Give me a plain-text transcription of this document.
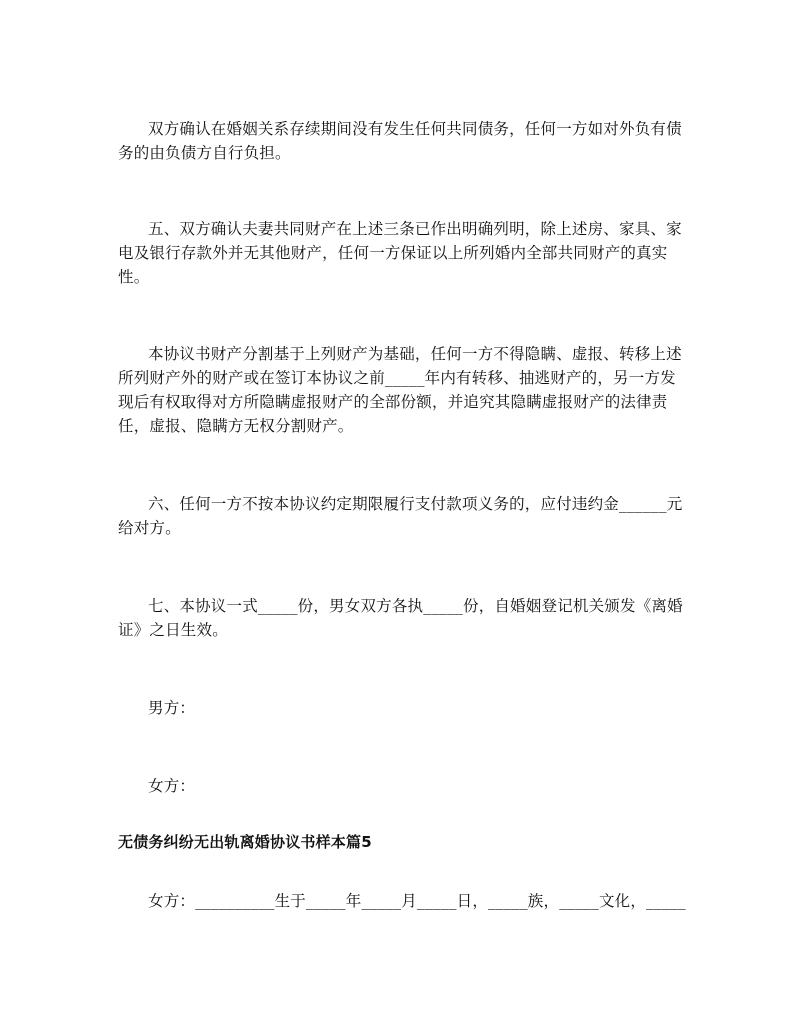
双方确认在婚姻关系存续期间没有发生任何共同债务，任何一方如对外负有债
务的由负债方自行负担。
五、双方确认夫妻共同财产在上述三条已作出明确列明，除上述房、家具、家
电及银行存款外并无其他财产，任何一方保证以上所列婚内全部共同财产的真实
性。
本协议书财产分割基于上列财产为基础，任何一方不得隐瞒、虚报、转移上述
所列财产外的财产或在签订本协议之前_____年内有转移、抽逃财产的，另一方发
现后有权取得对方所隐瞒虚报财产的全部份额，并追究其隐瞒虚报财产的法律责
任，虚报、隐瞒方无权分割财产。
六、任何一方不按本协议约定期限履行支付款项义务的，应付违约金______元
给对方。
七、本协议一式_____份，男女双方各执_____份，自婚姻登记机关颁发《离婚
证》之日生效。
男方：
女方：
无债务纠纷无出轨离婚协议书样本篇5
女方：__________生于_____年_____月_____日，_____族，_____文化，_____
